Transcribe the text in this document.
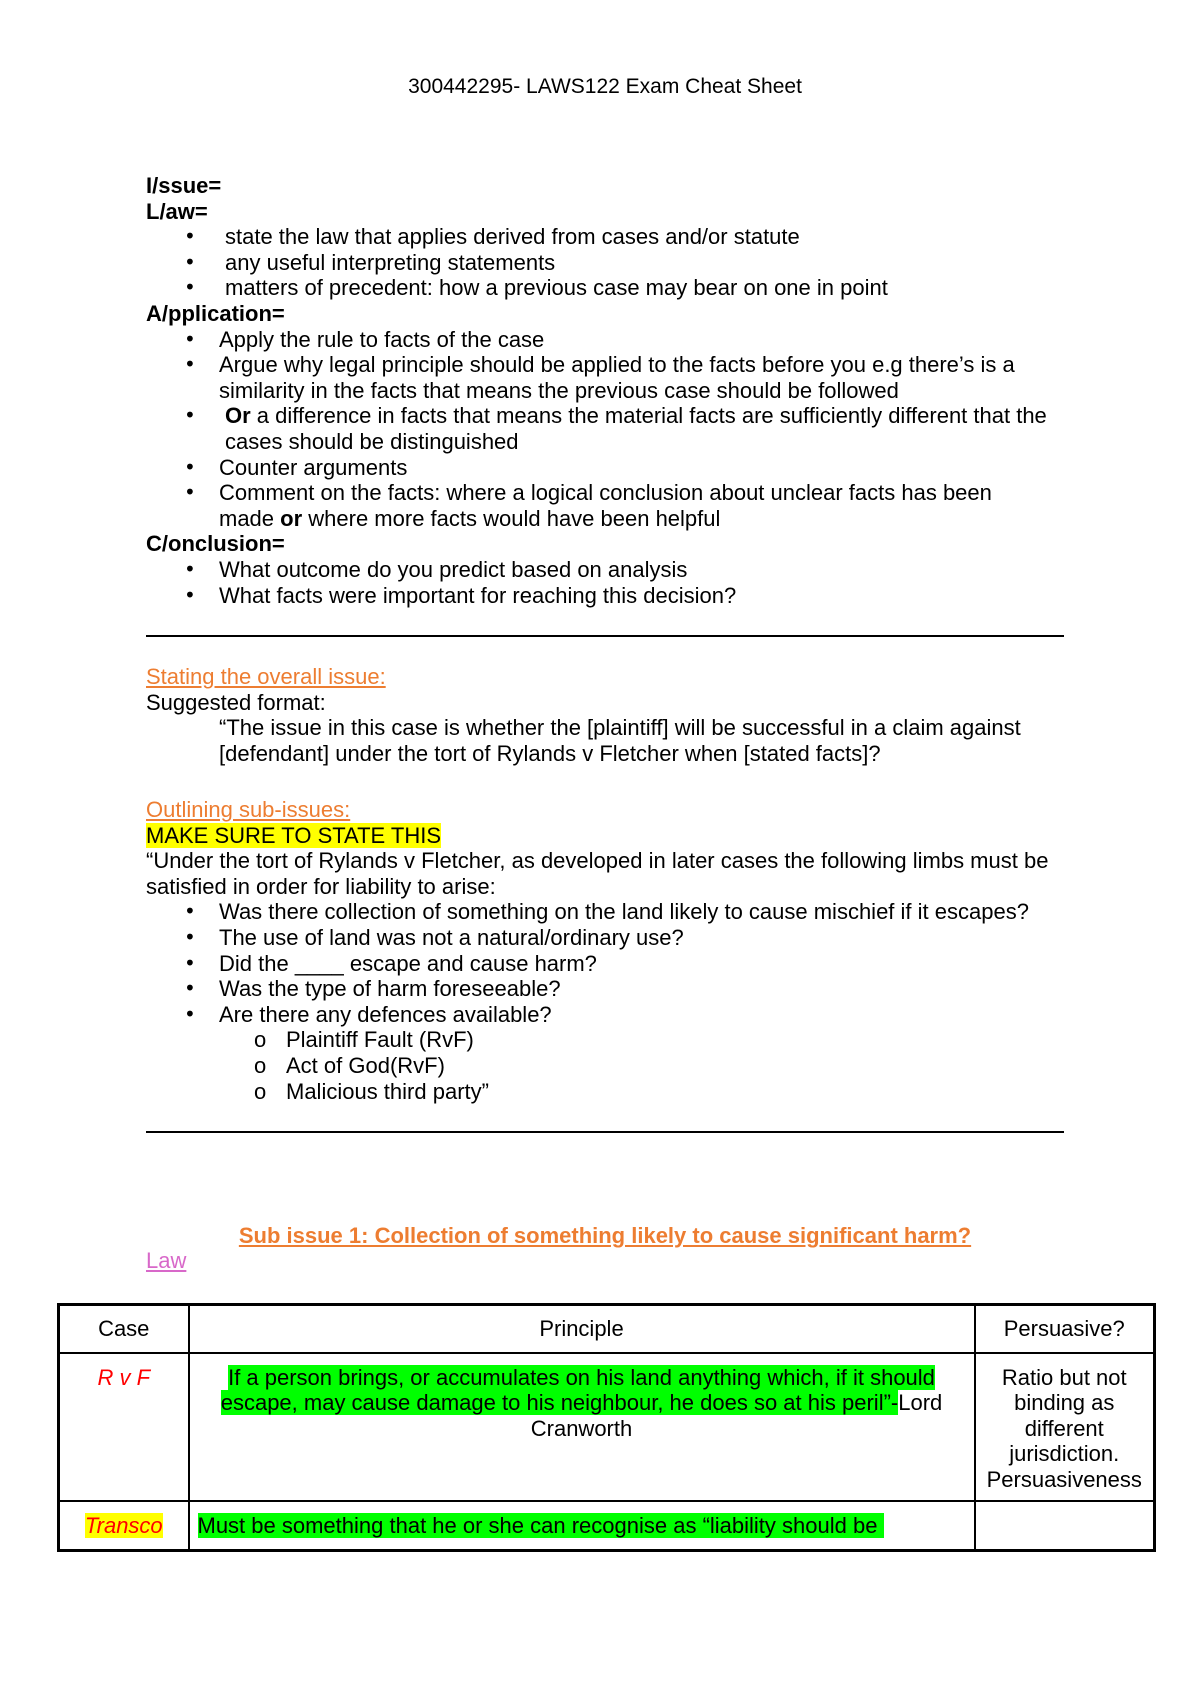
300442295- LAWS122 Exam Cheat Sheet
I/ssue=
L/aw=
• state the law that applies derived from cases and/or statute
• any useful interpreting statements
• matters of precedent: how a previous case may bear on one in point
A/pplication=
• Apply the rule to facts of the case
• Argue why legal principle should be applied to the facts before you e.g there’s is a similarity in the facts that means the previous case should be followed
• Or a difference in facts that means the material facts are sufficiently different that the cases should be distinguished
• Counter arguments
• Comment on the facts: where a logical conclusion about unclear facts has been made or where more facts would have been helpful
C/onclusion=
• What outcome do you predict based on analysis
• What facts were important for reaching this decision?
Stating the overall issue:
Suggested format:

“The issue in this case is whether the [plaintiff] will be successful in a claim against [defendant] under the tort of Rylands v Fletcher when [stated facts]?

Outlining sub-issues:
MAKE SURE TO STATE THIS

“Under the tort of Rylands v Fletcher, as developed in later cases the following limbs must be satisfied in order for liability to arise:

• Was there collection of something on the land likely to cause mischief if it escapes?
• The use of land was not a natural/ordinary use?
• Did the ____ escape and cause harm?
• Was the type of harm foreseeable?
• Are there any defences available?
o Plaintiff Fault (RvF)
o Act of God(RvF)
o Malicious third party”
Sub issue 1: Collection of something likely to cause significant harm?
Law
Case	Principle	Persuasive?
R v F	If a person brings, or accumulates on his land anything which, if it should escape, may cause damage to his neighbour, he does so at his peril”-Lord Cranworth	Ratio but not binding as different jurisdiction. Persuasiveness
Transco	Must be something that he or she can recognise as “liability should be	
